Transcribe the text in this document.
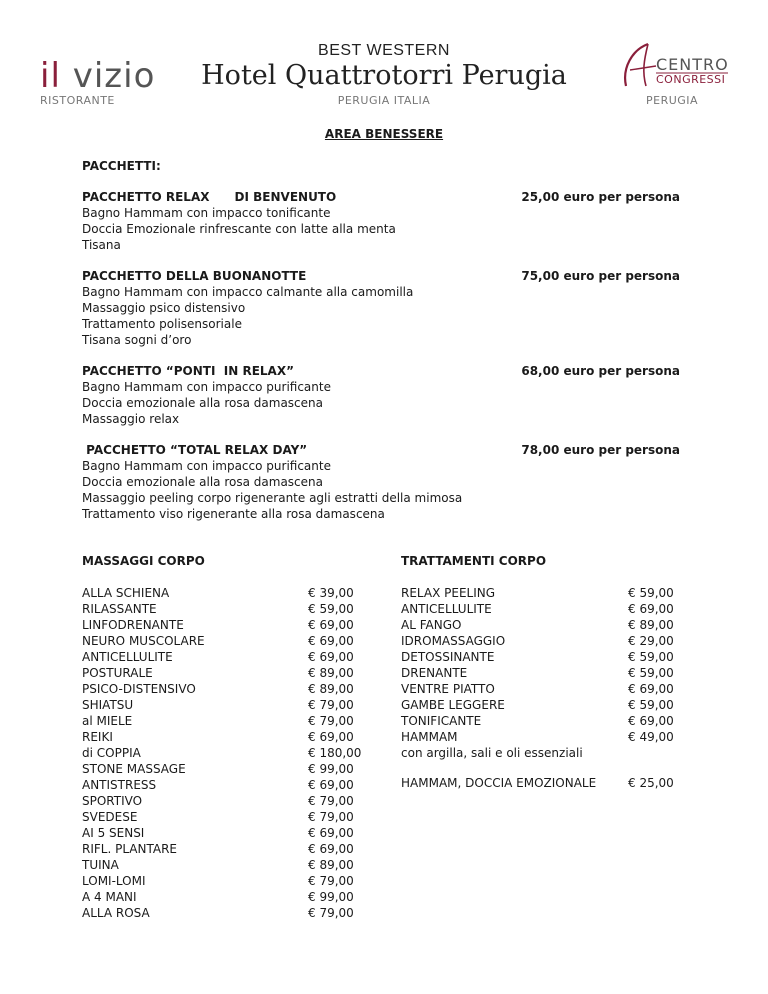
il vizio
RISTORANTE
BEST WESTERN
Hotel Quattrotorri Perugia
PERUGIA ITALIA
CENTRO
CONGRESSI
PERUGIA
AREA BENESSERE
PACCHETTI:
PACCHETTO RELAX      DI BENVENUTO
Bagno Hammam con impacco tonificante
Doccia Emozionale rinfrescante con latte alla menta
Tisana
25,00 euro per persona
PACCHETTO DELLA BUONANOTTE
Bagno Hammam con impacco calmante alla camomilla
Massaggio psico distensivo
Trattamento polisensoriale
Tisana sogni d’oro
75,00 euro per persona
PACCHETTO “PONTI  IN RELAX”
Bagno Hammam con impacco purificante
Doccia emozionale alla rosa damascena
Massaggio relax
68,00 euro per persona
PACCHETTO “TOTAL RELAX DAY”
Bagno Hammam con impacco purificante
Doccia emozionale alla rosa damascena
Massaggio peeling corpo rigenerante agli estratti della mimosa
Trattamento viso rigenerante alla rosa damascena
78,00 euro per persona
MASSAGGI CORPO
ALLA SCHIENA
RILASSANTE
LINFODRENANTE
NEURO MUSCOLARE
ANTICELLULITE
POSTURALE
PSICO-DISTENSIVO
SHIATSU
al MIELE
REIKI
di COPPIA
STONE MASSAGE
ANTISTRESS
SPORTIVO
SVEDESE
AI 5 SENSI
RIFL. PLANTARE
TUINA
LOMI-LOMI
A 4 MANI
ALLA ROSA
€ 39,00
€ 59,00
€ 69,00
€ 69,00
€ 69,00
€ 89,00
€ 89,00
€ 79,00
€ 79,00
€ 69,00
€ 180,00
€ 99,00
€ 69,00
€ 79,00
€ 79,00
€ 69,00
€ 69,00
€ 89,00
€ 79,00
€ 99,00
€ 79,00
TRATTAMENTI CORPO
RELAX PEELING
ANTICELLULITE
AL FANGO
IDROMASSAGGIO
DETOSSINANTE
DRENANTE
VENTRE PIATTO
GAMBE LEGGERE
TONIFICANTE
HAMMAM
con argilla, sali e oli essenziali
€ 59,00
€ 69,00
€ 89,00
€ 29,00
€ 59,00
€ 59,00
€ 69,00
€ 59,00
€ 69,00
€ 49,00
HAMMAM, DOCCIA EMOZIONALE	€ 25,00
